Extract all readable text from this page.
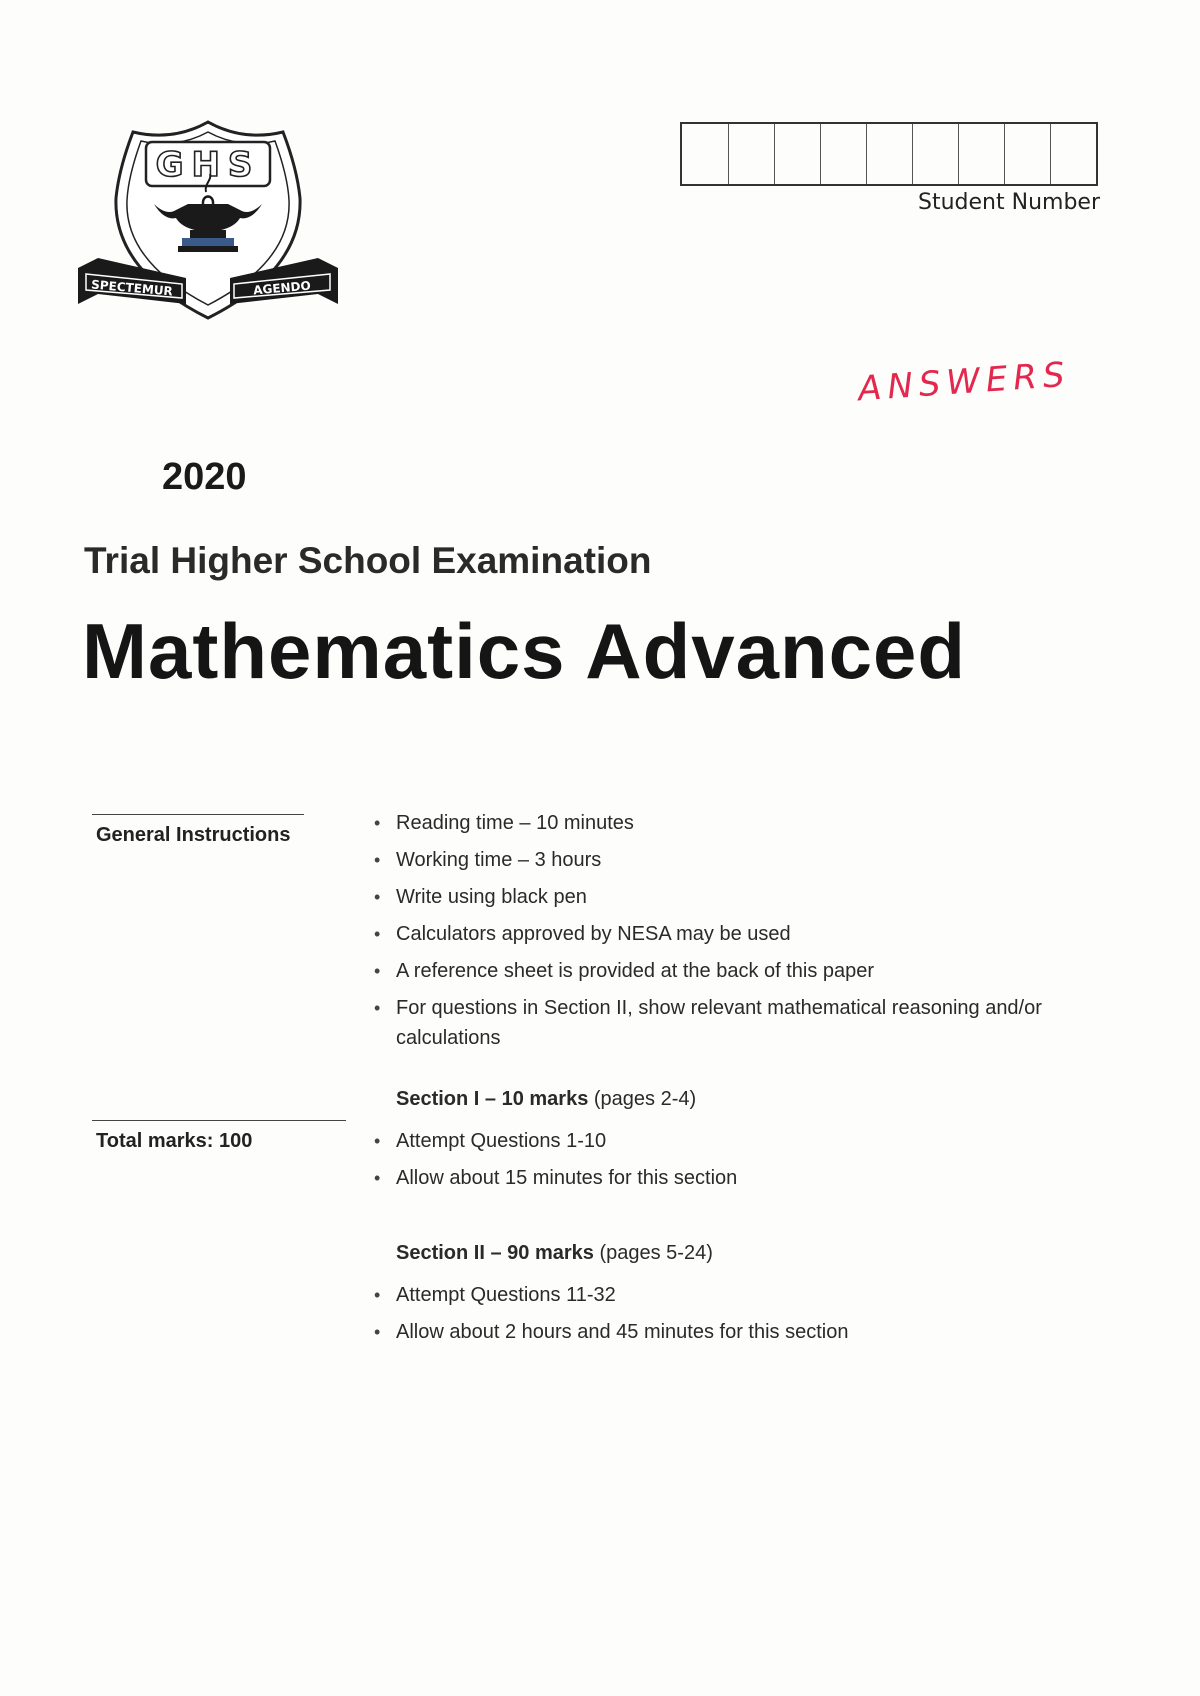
GHS
SPECTEMUR	AGENDO
Student Number
ANSWERS
2020
Trial Higher School Examination
Mathematics Advanced
General Instructions
Total marks: 100
• Reading time – 10 minutes
• Working time – 3 hours
• Write using black pen
• Calculators approved by NESA may be used
• A reference sheet is provided at the back of this paper
• For questions in Section II, show relevant mathematical reasoning and/or calculations
Section I – 10 marks (pages 2-4)
• Attempt Questions 1-10
• Allow about 15 minutes for this section
Section II – 90 marks (pages 5-24)
• Attempt Questions 11-32
• Allow about 2 hours and 45 minutes for this section
